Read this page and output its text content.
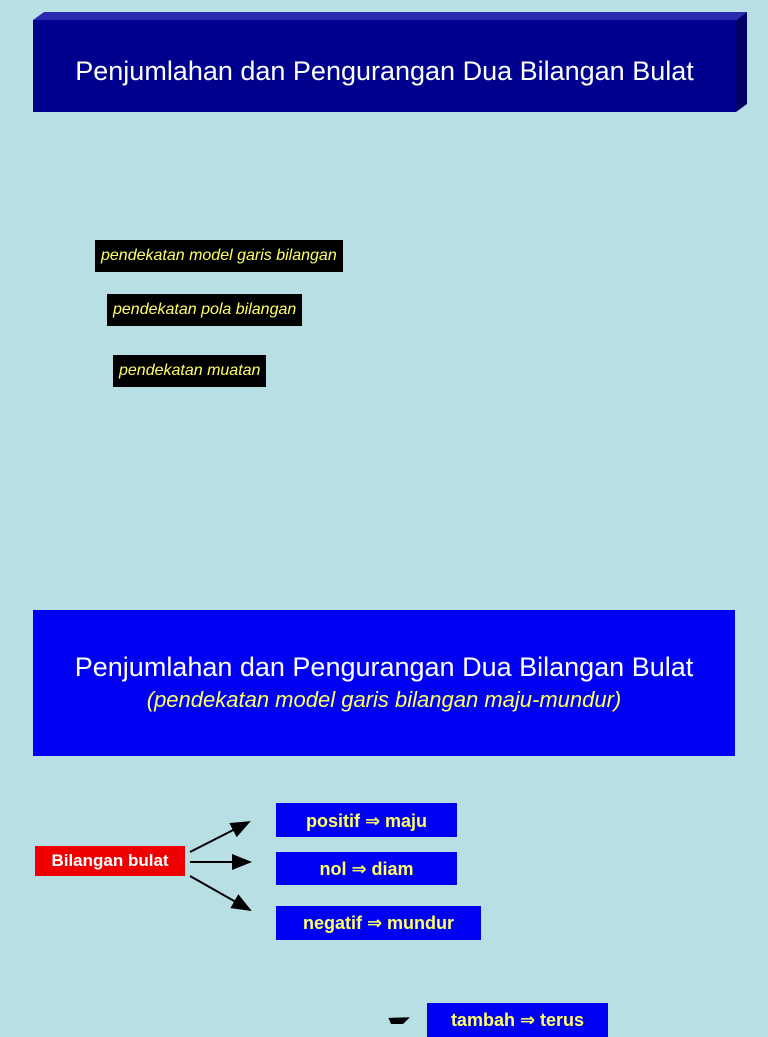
Penjumlahan dan Pengurangan Dua Bilangan Bulat
pendekatan model garis bilangan
pendekatan pola bilangan
pendekatan muatan
Penjumlahan dan Pengurangan Dua Bilangan Bulat
(pendekatan model garis bilangan maju-mundur)
Bilangan bulat
positif ⇒ maju
nol ⇒ diam
negatif ⇒ mundur
tambah ⇒ terus
